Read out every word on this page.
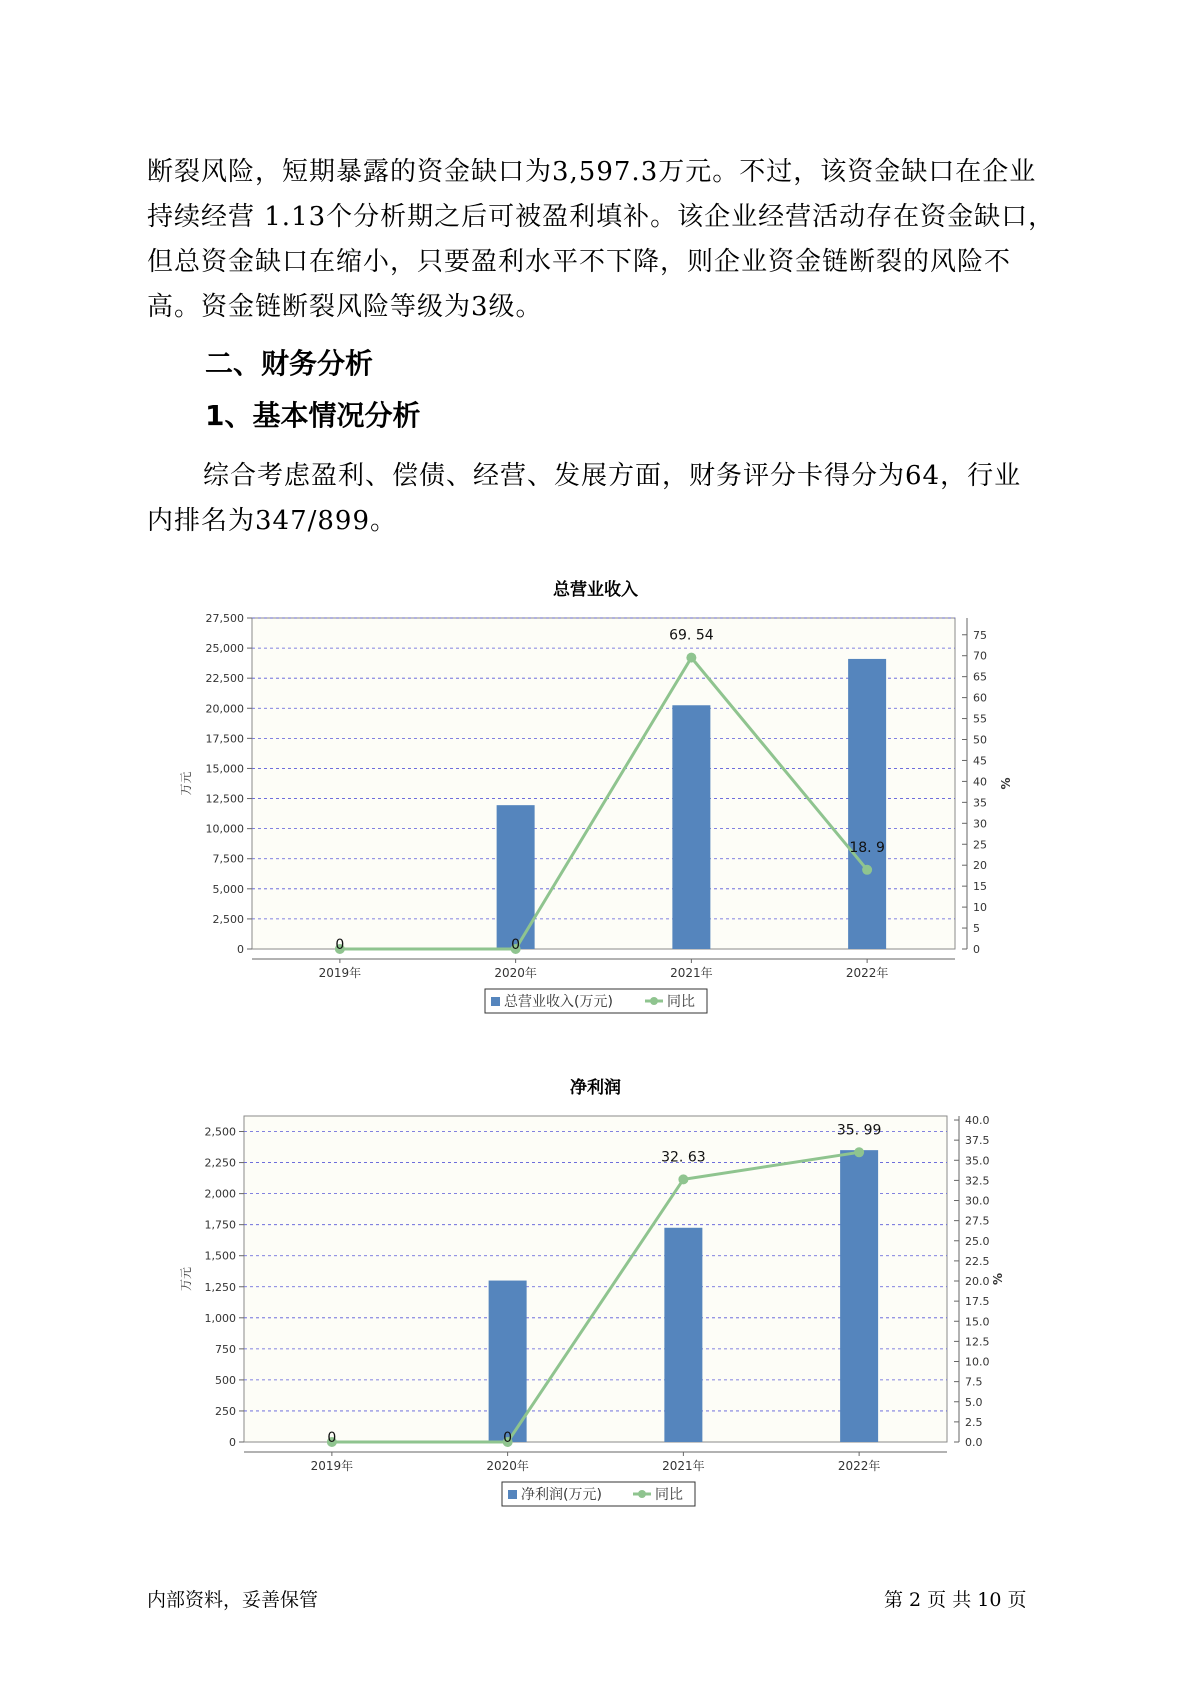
断裂风险，短期暴露的资金缺口为3,597.3万元。不过，该资金缺口在企业
持续经营 1.13个分析期之后可被盈利填补。该企业经营活动存在资金缺口，
但总资金缺口在缩小，只要盈利水平不下降，则企业资金链断裂的风险不
高。资金链断裂风险等级为3级。
二、财务分析
1、基本情况分析
综合考虑盈利、偿债、经营、发展方面，财务评分卡得分为64，行业
内排名为347/899。
总营业收入
0
2,500
5,000
7,500
10,000
12,500
15,000
17,500
20,000
22,500
25,000
27,500
0
5
10
15
20
25
30
35
40
45
50
55
60
65
70
75
万元	%
2019年	2020年	2021年	2022年
0	0
69. 54
18. 9
总营业收入(万元)	同比
净利润
0
250
500
750
1,000
1,250
1,500
1,750
2,000
2,250
2,500
0.0
2.5
5.0
7.5
10.0
12.5
15.0
17.5
20.0
22.5
25.0
27.5
30.0
32.5
35.0
37.5
40.0
万元	%
2019年	2020年	2021年	2022年
0	0
32. 63
35. 99
净利润(万元)	同比
内部资料，妥善保管	第 2 页 共 10 页
